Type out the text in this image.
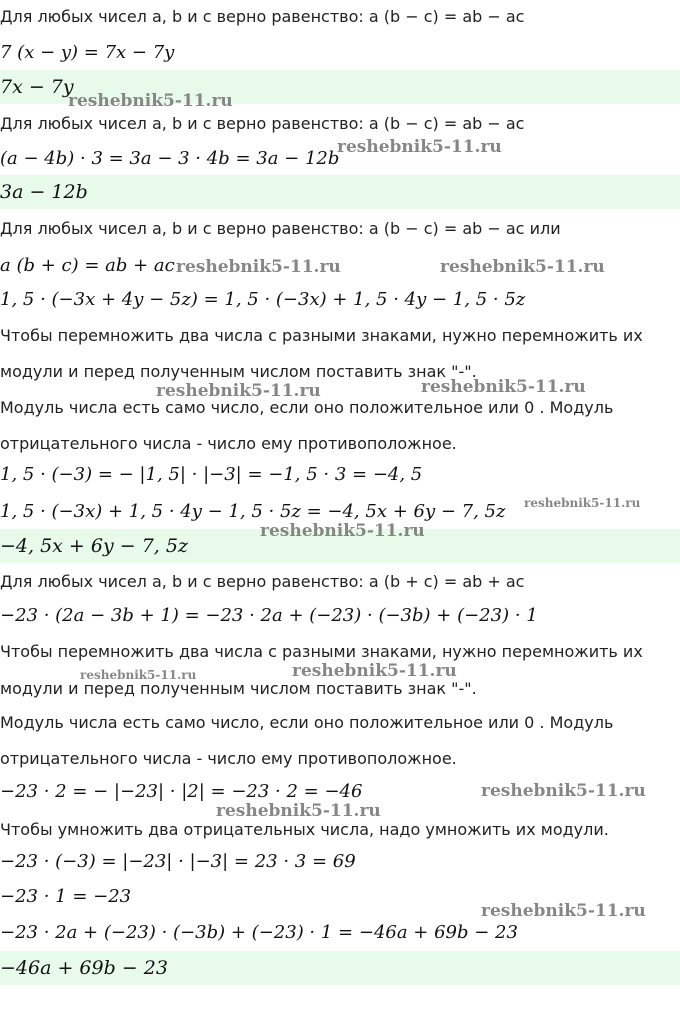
Для любых чисел a, b и c верно равенство: a (b − c) = ab − ac
7 (x − y) = 7x − 7y
7x − 7y
Для любых чисел a, b и c верно равенство: a (b − c) = ab − ac
(a − 4b) · 3 = 3a − 3 · 4b = 3a − 12b
3a − 12b
Для любых чисел a, b и c верно равенство: a (b − c) = ab − ac или
a (b + c) = ab + ac
1, 5 · (−3x + 4y − 5z) = 1, 5 · (−3x) + 1, 5 · 4y − 1, 5 · 5z
Чтобы перемножить два числа с разными знаками, нужно перемножить их
модули и перед полученным числом поставить знак "-".
Модуль числа есть само число, если оно положительное или 0 . Модуль
отрицательного числа - число ему противоположное.
1, 5 · (−3) = − |1, 5| · |−3| = −1, 5 · 3 = −4, 5
1, 5 · (−3x) + 1, 5 · 4y − 1, 5 · 5z = −4, 5x + 6y − 7, 5z
−4, 5x + 6y − 7, 5z
Для любых чисел a, b и c верно равенство: a (b + c) = ab + ac
−23 · (2a − 3b + 1) = −23 · 2a + (−23) · (−3b) + (−23) · 1
Чтобы перемножить два числа с разными знаками, нужно перемножить их
модули и перед полученным числом поставить знак "-".
Модуль числа есть само число, если оно положительное или 0 . Модуль
отрицательного числа - число ему противоположное.
−23 · 2 = − |−23| · |2| = −23 · 2 = −46
Чтобы умножить два отрицательных числа, надо умножить их модули.
−23 · (−3) = |−23| · |−3| = 23 · 3 = 69
−23 · 1 = −23
−23 · 2a + (−23) · (−3b) + (−23) · 1 = −46a + 69b − 23
−46a + 69b − 23
reshebnik5-11.ru
reshebnik5-11.ru
reshebnik5-11.ru	reshebnik5-11.ru
reshebnik5-11.ru	reshebnik5-11.ru
reshebnik5-11.ru
reshebnik5-11.ru
reshebnik5-11.ru	reshebnik5-11.ru
reshebnik5-11.ru
reshebnik5-11.ru
reshebnik5-11.ru
